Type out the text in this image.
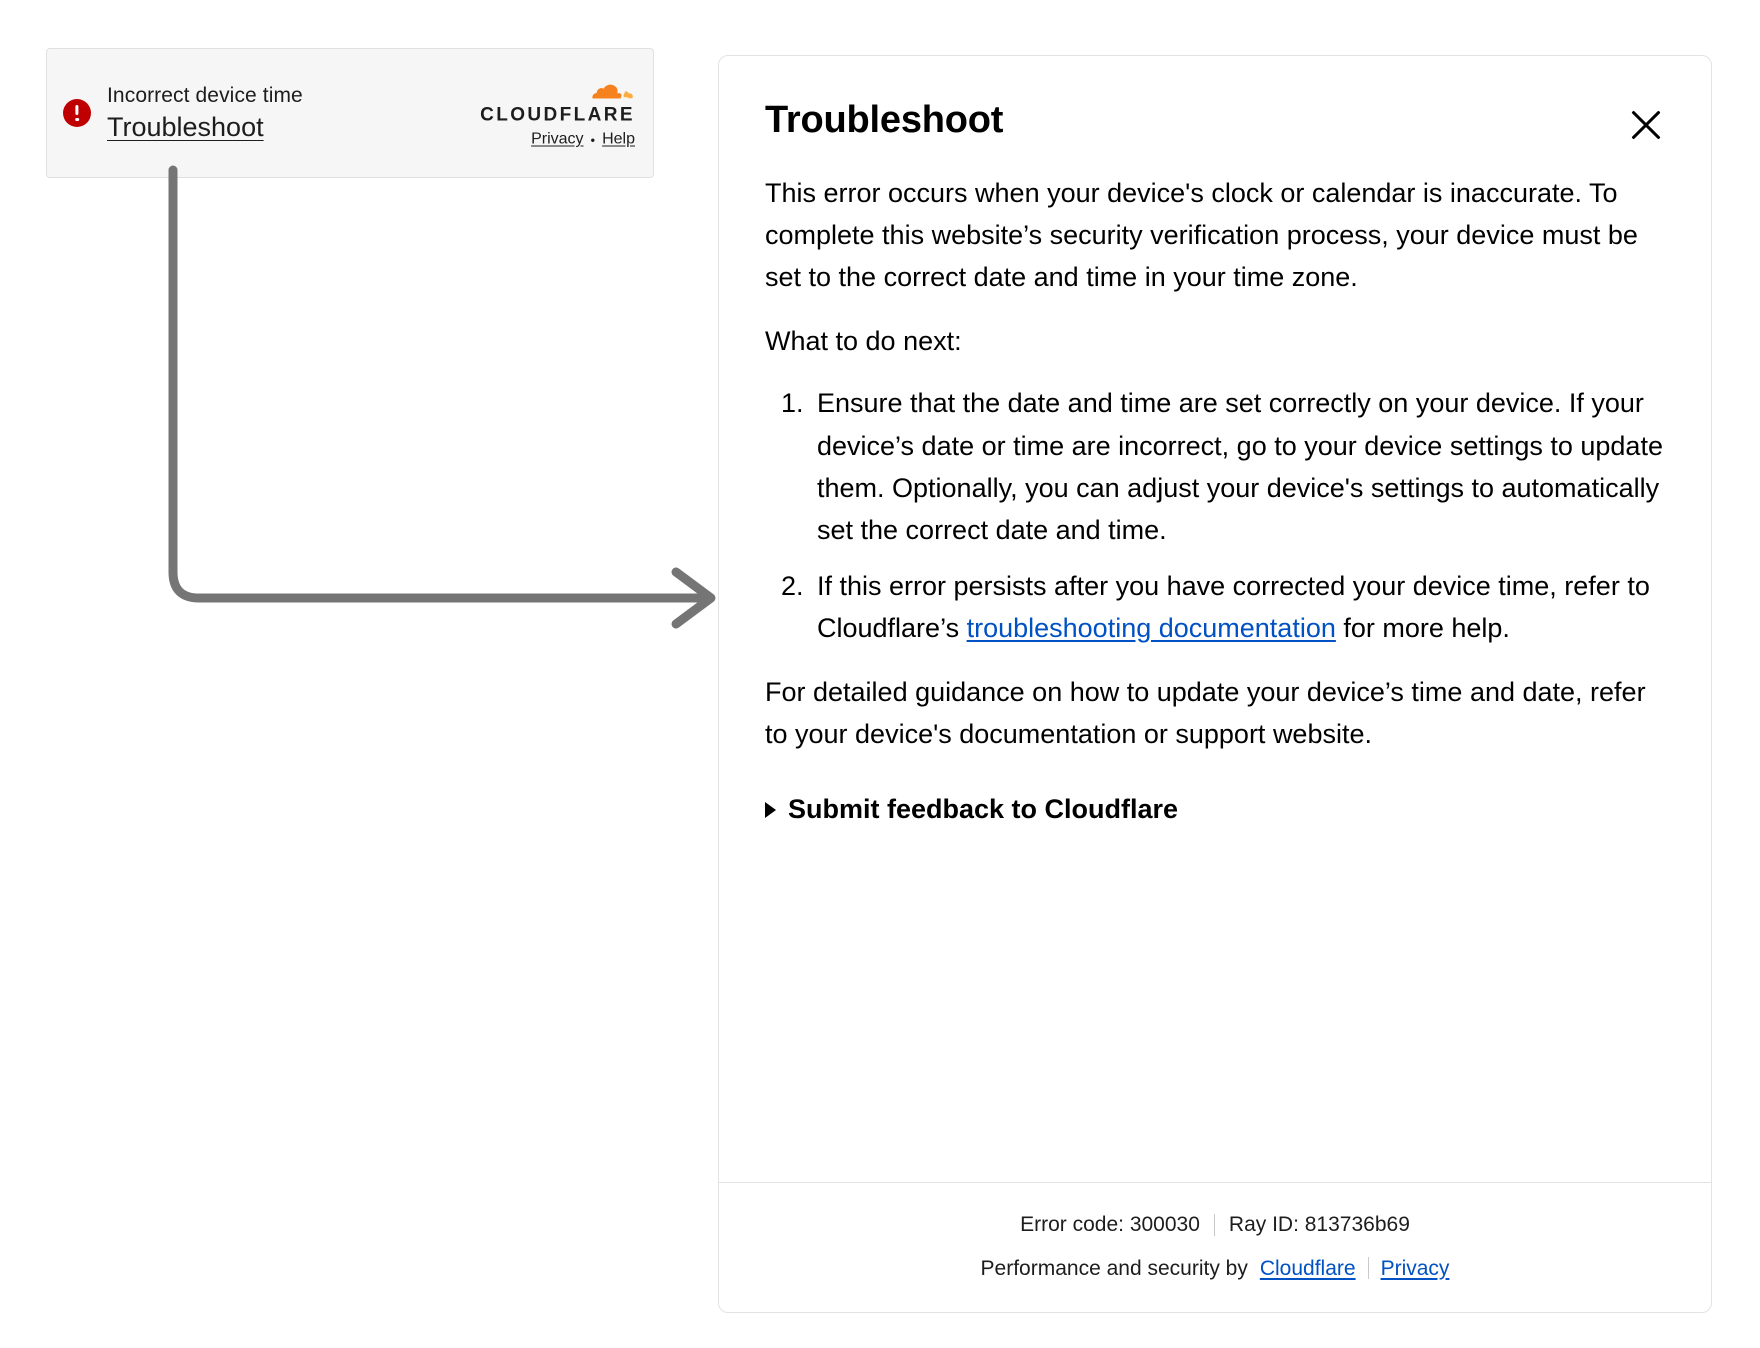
Incorrect device time
Troubleshoot	CLOUDFLARE
Privacy • Help	Troubleshoot

This error occurs when your device's clock or calendar is inaccurate. To complete this website’s security verification process, your device must be set to the correct date and time in your time zone.

What to do next:

1. Ensure that the date and time are set correctly on your device. If your device’s date or time are incorrect, go to your device settings to update them. Optionally, you can adjust your device's settings to automatically set the correct date and time.
2. If this error persists after you have corrected your device time, refer to Cloudflare’s troubleshooting documentation for more help.

For detailed guidance on how to update your device’s time and date, refer to your device's documentation or support website.

Submit feedback to Cloudflare
Error code: 300030 Ray ID: 813736b69
Performance and security by Cloudflare Privacy
